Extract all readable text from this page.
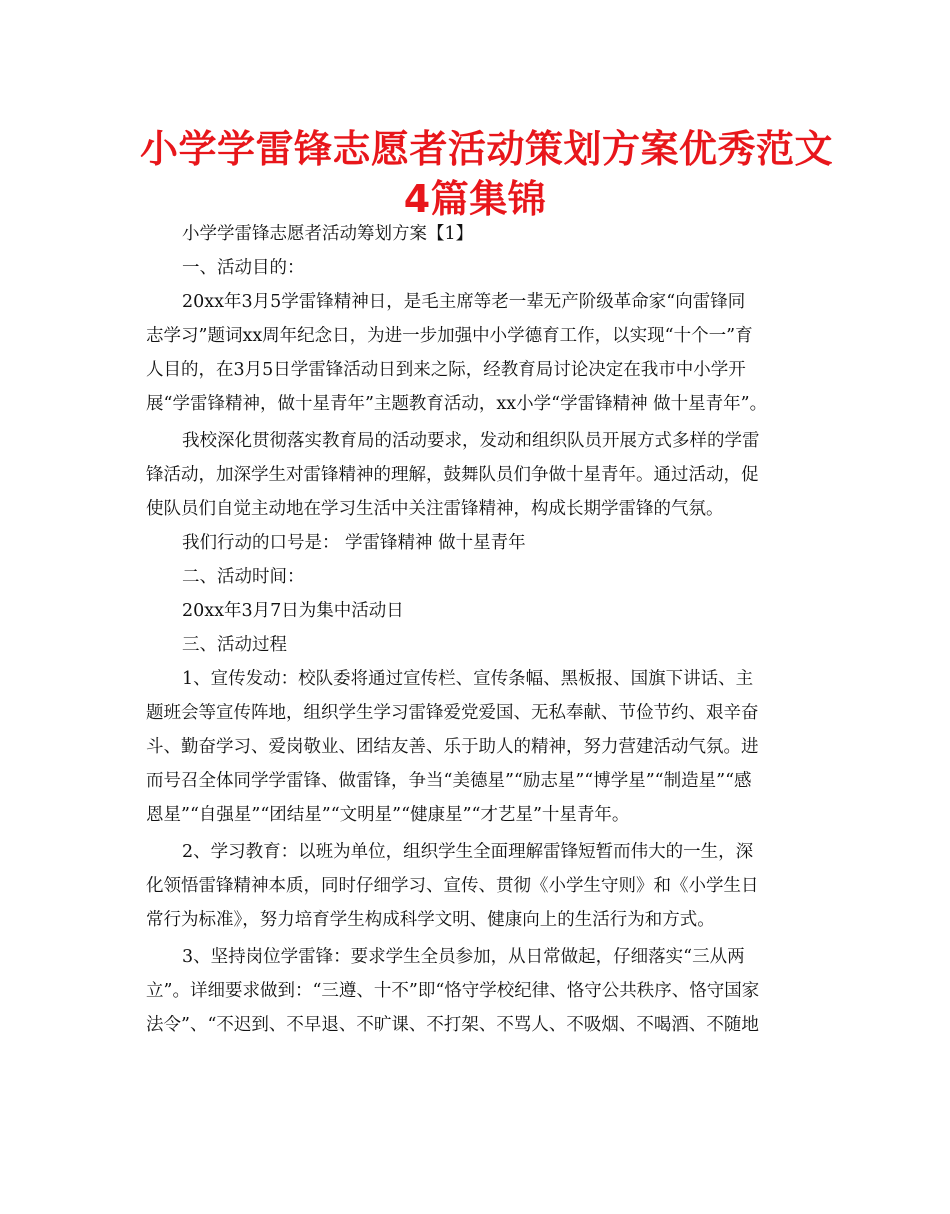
小学学雷锋志愿者活动策划方案优秀范文
4篇集锦
小学学雷锋志愿者活动筹划方案【1】
一、活动目的：
20xx年3月5学雷锋精神日，是毛主席等老一辈无产阶级革命家“向雷锋同
志学习”题词xx周年纪念日，为进一步加强中小学德育工作，以实现“十个一”育
人目的，在3月5日学雷锋活动日到来之际，经教育局讨论决定在我市中小学开
展“学雷锋精神，做十星青年”主题教育活动，xx小学“学雷锋精神 做十星青年”。
我校深化贯彻落实教育局的活动要求，发动和组织队员开展方式多样的学雷
锋活动，加深学生对雷锋精神的理解，鼓舞队员们争做十星青年。通过活动，促
使队员们自觉主动地在学习生活中关注雷锋精神，构成长期学雷锋的气氛。
我们行动的口号是： 学雷锋精神 做十星青年
二、活动时间：
20xx年3月7日为集中活动日
三、活动过程
1、宣传发动：校队委将通过宣传栏、宣传条幅、黑板报、国旗下讲话、主
题班会等宣传阵地，组织学生学习雷锋爱党爱国、无私奉献、节俭节约、艰辛奋
斗、勤奋学习、爱岗敬业、团结友善、乐于助人的精神，努力营建活动气氛。进
而号召全体同学学雷锋、做雷锋，争当“美德星”“励志星”“博学星”“制造星”“感
恩星”“自强星”“团结星”“文明星”“健康星”“才艺星”十星青年。
2、学习教育：以班为单位，组织学生全面理解雷锋短暂而伟大的一生，深
化领悟雷锋精神本质，同时仔细学习、宣传、贯彻《小学生守则》和《小学生日
常行为标准》，努力培育学生构成科学文明、健康向上的生活行为和方式。
3、坚持岗位学雷锋：要求学生全员参加，从日常做起，仔细落实“三从两
立”。详细要求做到：“三遵、十不”即“恪守学校纪律、恪守公共秩序、恪守国家
法令”、“不迟到、不早退、不旷课、不打架、不骂人、不吸烟、不喝酒、不随地
